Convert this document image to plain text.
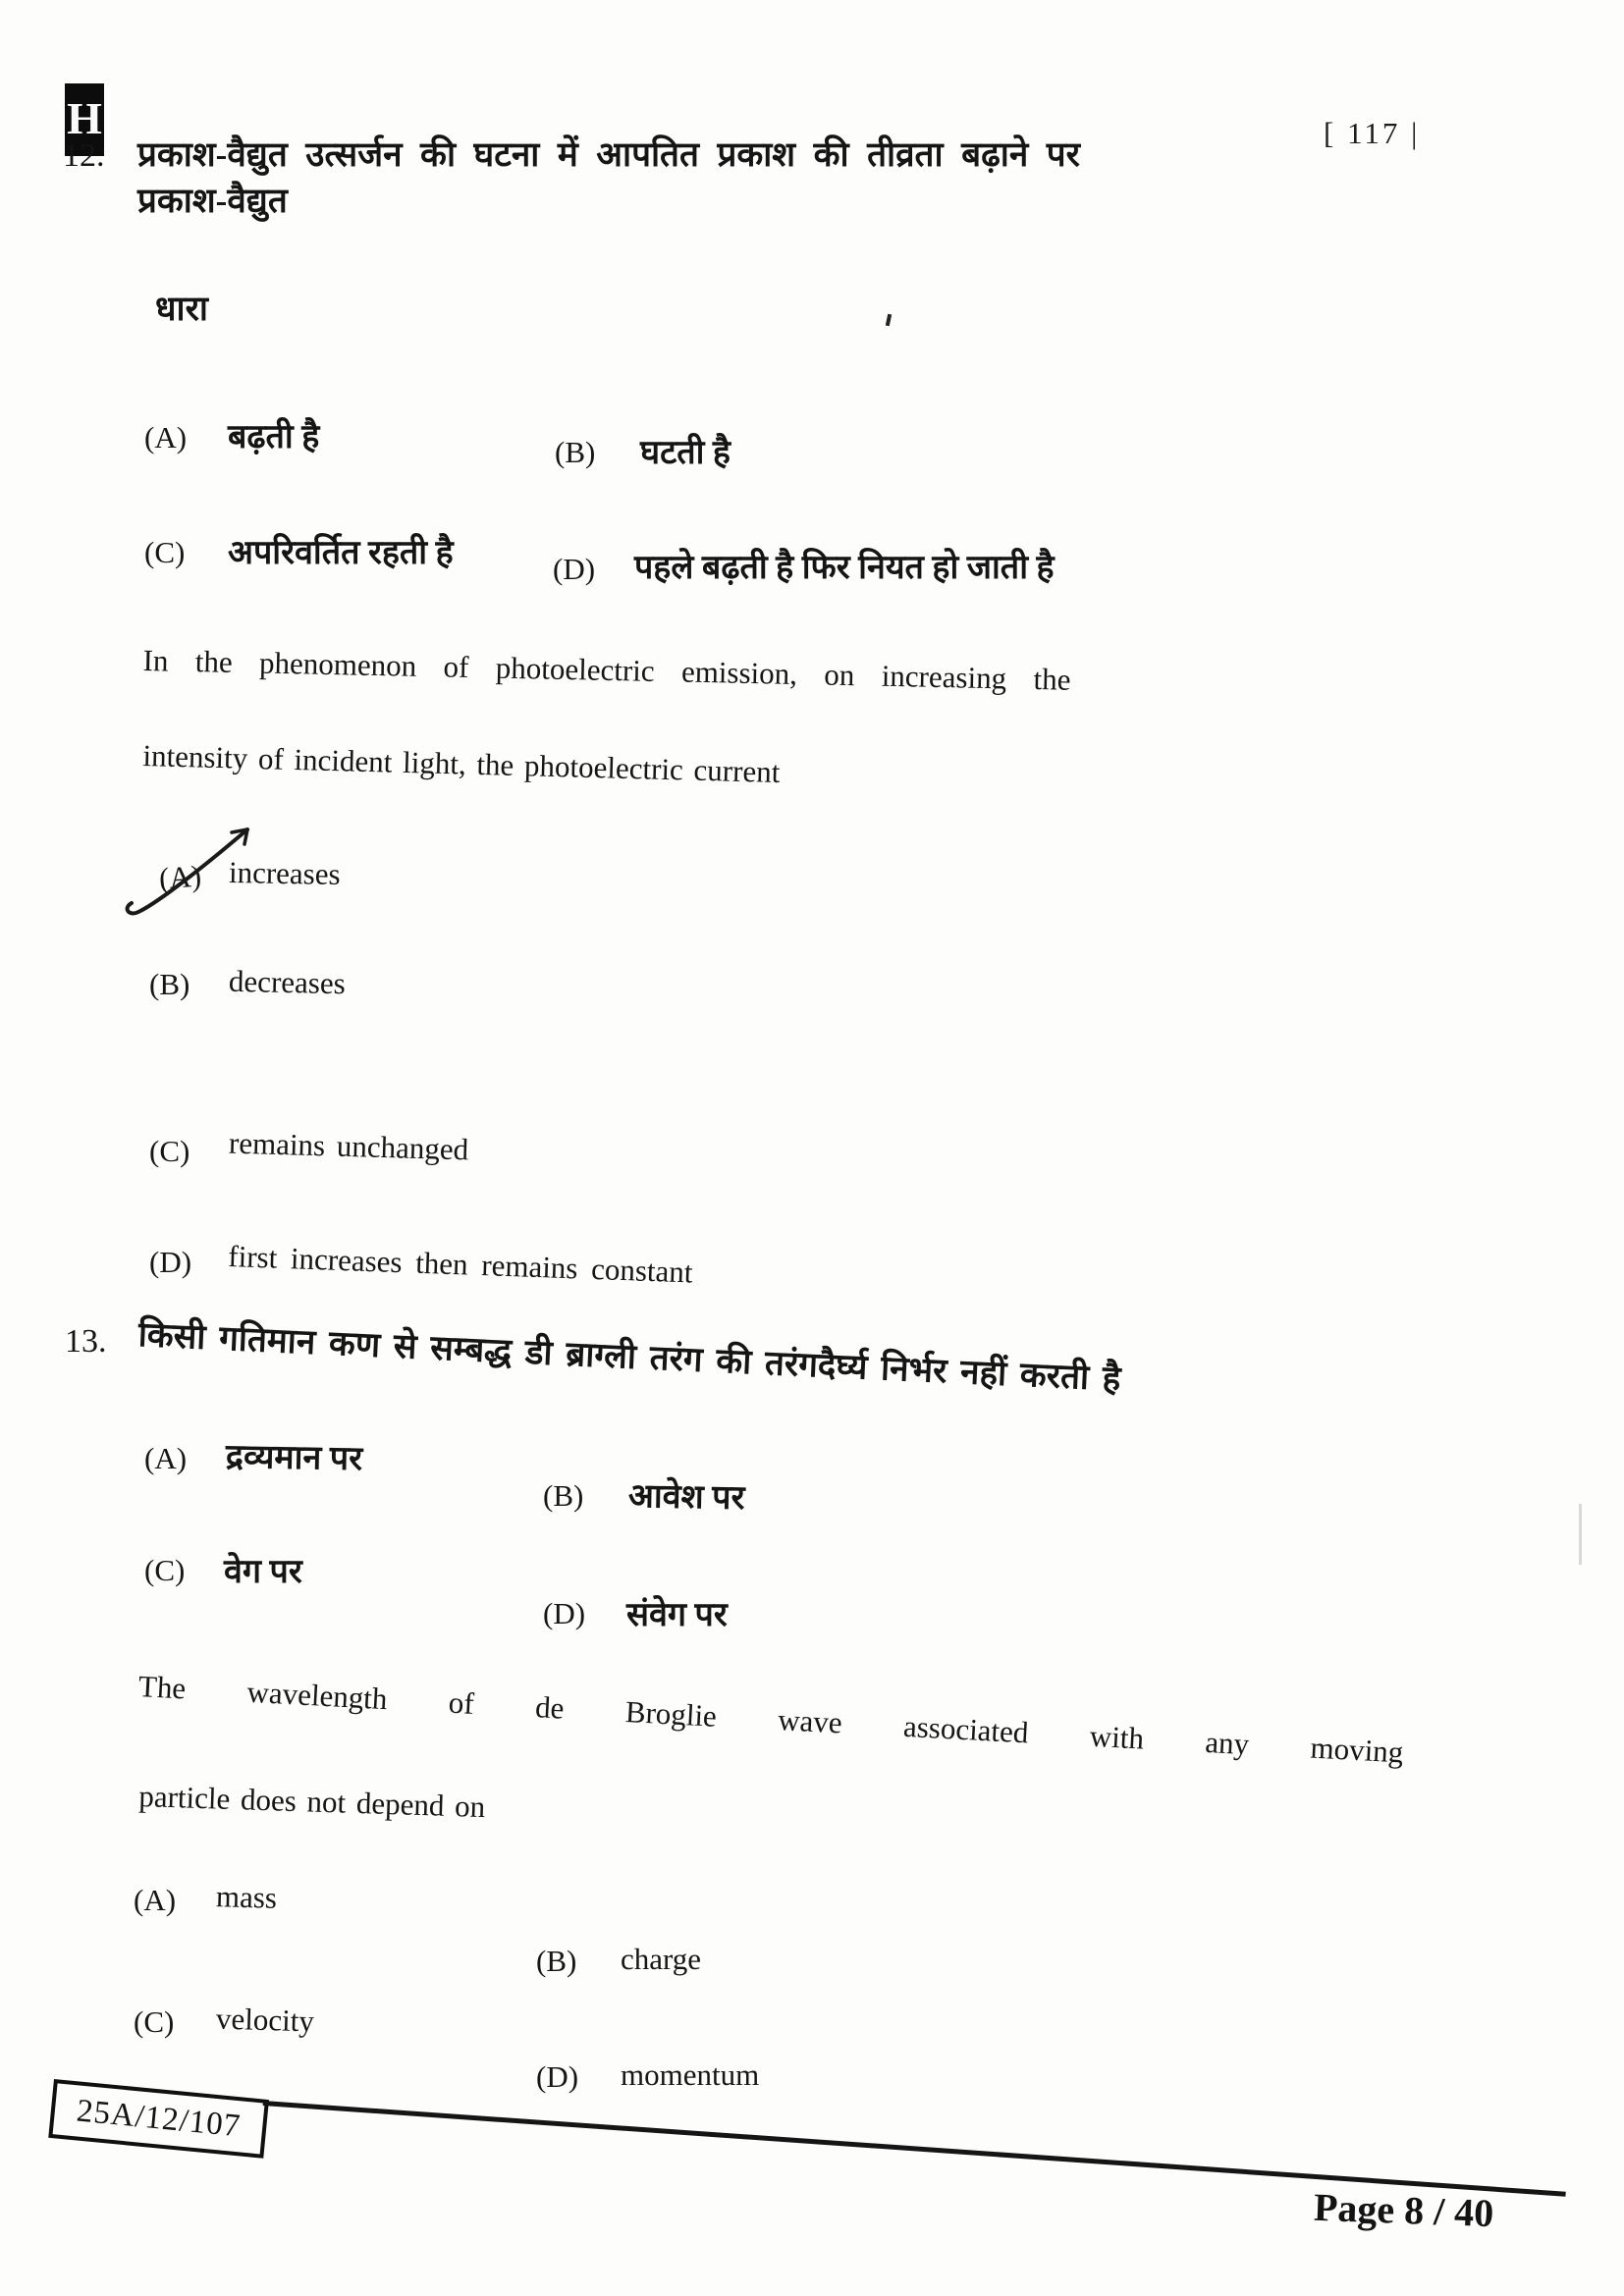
H	[ 117 |
12. प्रकाश-वैद्युत उत्सर्जन की घटना में आपतित प्रकाश की तीव्रता बढ़ाने पर प्रकाश-वैद्युत
धारा
(A) बढ़ती है	(B) घटती है
(C) अपरिवर्तित रहती है	(D) पहले बढ़ती है फिर नियत हो जाती है
In the phenomenon of photoelectric emission, on increasing the
intensity of incident light, the photoelectric current
(A) increases
(B) decreases
(C) remains unchanged
(D) first increases then remains constant
13. किसी गतिमान कण से सम्बद्ध डी ब्राग्ली तरंग की तरंगदैर्घ्य निर्भर नहीं करती है
(A) द्रव्यमान पर
(B) आवेश पर
(C) वेग पर
(D) संवेग पर
The wavelength of de Broglie wave associated with any moving
particle does not depend on
(A) mass
(B) charge
(C) velocity
(D) momentum
25A/12/107
Page 8 / 40
